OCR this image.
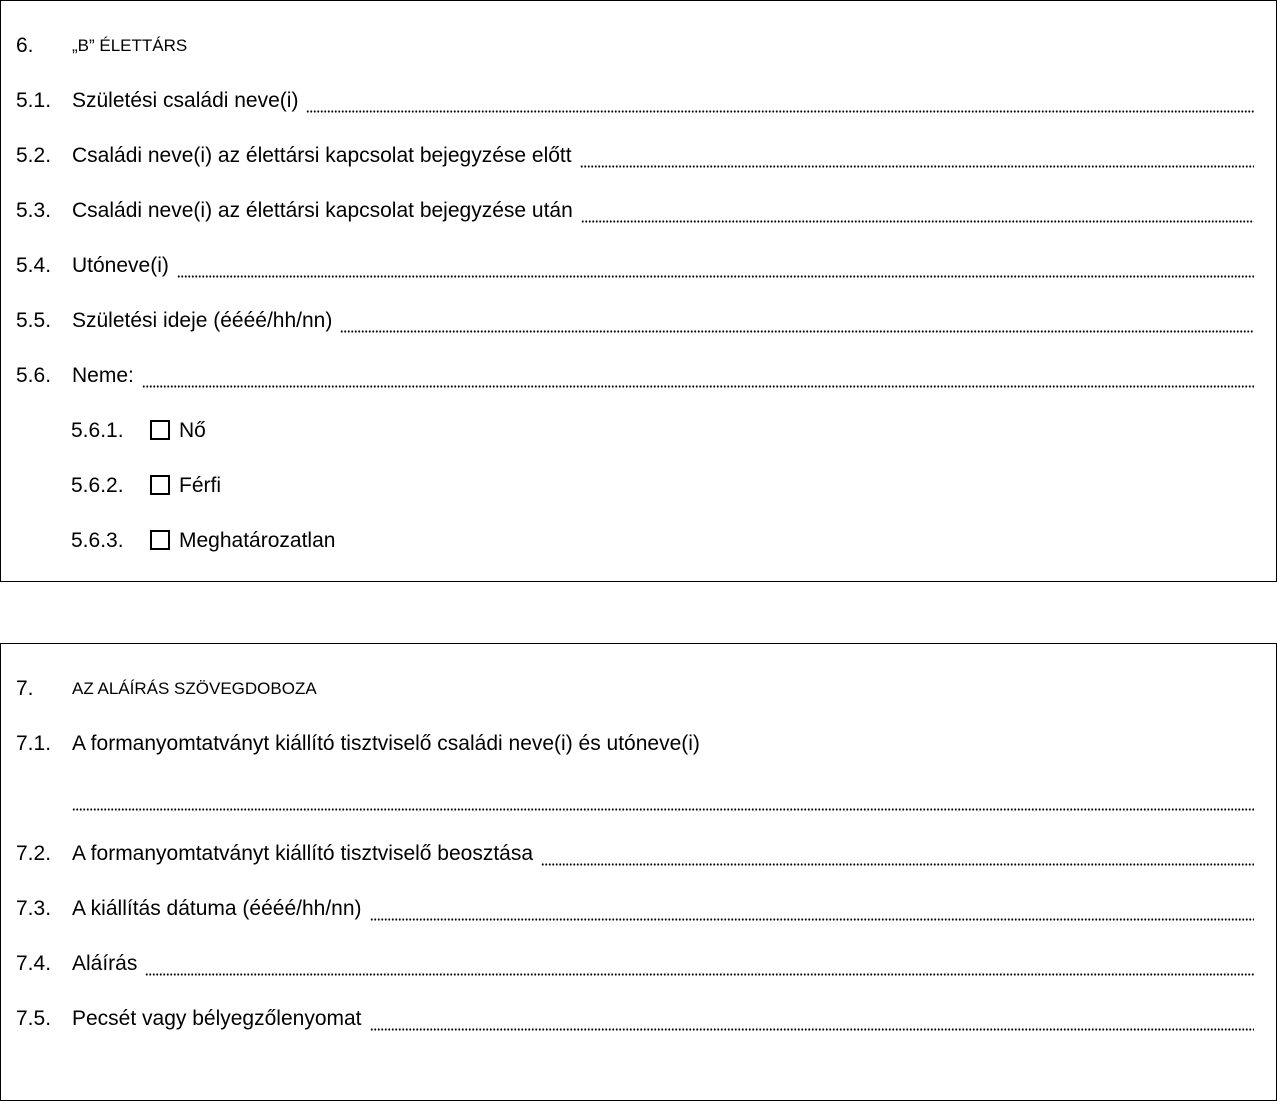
6.	„B” ÉLETTÁRS
5.1. Születési családi neve(i)
5.2. Családi neve(i) az élettársi kapcsolat bejegyzése előtt
5.3. Családi neve(i) az élettársi kapcsolat bejegyzése után
5.4. Utóneve(i)
5.5. Születési ideje (éééé/hh/nn)
5.6. Neme:
5.6.1.	Nő
5.6.2.	Férfi
5.6.3.	Meghatározatlan
7.	AZ ALÁÍRÁS SZÖVEGDOBOZA
7.1. A formanyomtatványt kiállító tisztviselő családi neve(i) és utóneve(i)
7.2. A formanyomtatványt kiállító tisztviselő beosztása
7.3. A kiállítás dátuma (éééé/hh/nn)
7.4. Aláírás
7.5. Pecsét vagy bélyegzőlenyomat
